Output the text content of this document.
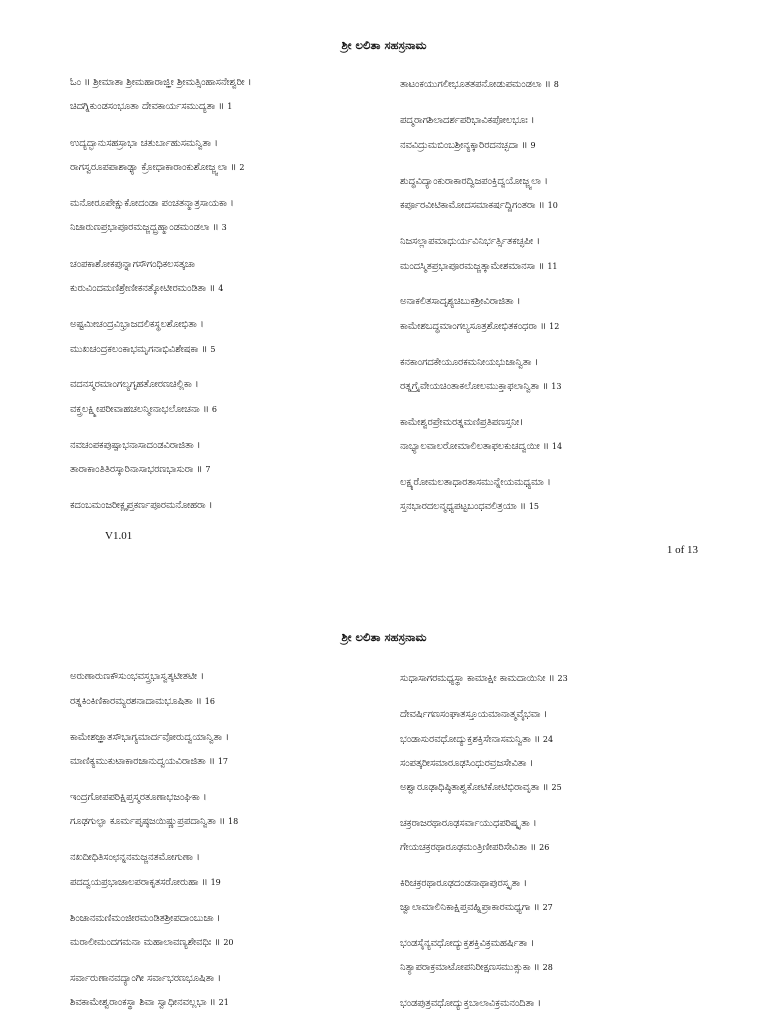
ಶ್ರೀ ಲಲಿತಾ ಸಹಸ್ರನಾಮ
ಓಂ ॥ ಶ್ರೀಮಾತಾ ಶ್ರೀಮಹಾರಾಜ್ಞೀ ಶ್ರೀಮತ್ಸಿಂಹಾಸನೇಶ್ವರೀ ।
ಚಿದಗ್ನಿಕುಂಡಸಂಭೂತಾ ದೇವಕಾರ್ಯಸಮುದ್ಯತಾ ॥ 1
ಉದ್ಯದ್ಭಾನುಸಹಸ್ರಾಭಾ ಚತುರ್ಬಾಹುಸಮನ್ವಿತಾ ।
ರಾಗಸ್ವರೂಪಪಾಶಾಢ್ಯಾ ಕ್ರೋಧಾಕಾರಾಂಕುಶೋಜ್ಜ್ವಲಾ ॥ 2
ಮನೋರೂಪೇಕ್ಷುಕೋದಂಡಾ ಪಂಚತನ್ಮಾತ್ರಸಾಯಕಾ ।
ನಿಜಾರುಣಪ್ರಭಾಪೂರಮಜ್ಜದ್ಬ್ರಹ್ಮಾಂಡಮಂಡಲಾ ॥ 3
ಚಂಪಕಾಶೋಕಪುನ್ನಾಗಸೌಗಂಧಿಕಲಸತ್ಕಚಾ
ಕುರುವಿಂದಮಣಿಶ್ರೇಣೀಕನತ್ಕೋಟೀರಮಂಡಿತಾ ॥ 4
ಅಷ್ಟಮೀಚಂದ್ರವಿಭ್ರಾಜದಲಿಕಸ್ಥಲಶೋಭಿತಾ ।
ಮುಖಚಂದ್ರಕಲಂಕಾಭಮೃಗನಾಭಿವಿಶೇಷಕಾ ॥ 5
ವದನಸ್ಮರಮಾಂಗಲ್ಯಗೃಹತೋರಣಚಿಲ್ಲಿಕಾ ।
ವಕ್ತ್ರಲಕ್ಷ್ಮೀಪರೀವಾಹಚಲನ್ಮೀನಾಭಲೋಚನಾ ॥ 6
ನವಚಂಪಕಪುಷ್ಪಾಭನಾಸಾದಂಡವಿರಾಜಿತಾ ।
ತಾರಾಕಾಂತಿತಿರಸ್ಕಾರಿನಾಸಾಭರಣಭಾಸುರಾ ॥ 7
ಕದಂಬಮಂಜರೀಕ್ಲೃಪ್ತಕರ್ಣಪೂರಮನೋಹರಾ ।
ತಾಟಂಕಯುಗಲೀಭೂತತಪನೋಡುಪಮಂಡಲಾ ॥ 8
ಪದ್ಮರಾಗಶಿಲಾದರ್ಶಪರಿಭಾವಿಕಪೋಲಭೂಃ ।
ನವವಿದ್ರುಮಬಿಂಬಶ್ರೀನ್ಯಕ್ಕಾರಿರದನಚ್ಛದಾ ॥ 9
ಶುದ್ಧವಿದ್ಯಾಂಕುರಾಕಾರದ್ವಿಜಪಂಕ್ತಿದ್ವಯೋಜ್ಜ್ವಲಾ ।
ಕರ್ಪೂರವೀಟಿಕಾಮೋದಸಮಾಕರ್ಷದ್ದಿಗಂತರಾ ॥ 10
ನಿಜಸಲ್ಲಾಪಮಾಧುರ್ಯವಿನಿರ್ಭರ್ತ್ಸಿತಕಚ್ಛಪೀ ।
ಮಂದಸ್ಮಿತಪ್ರಭಾಪೂರಮಜ್ಜತ್ಕಾಮೇಶಮಾನಸಾ ॥ 11
ಅನಾಕಲಿತಸಾದೃಶ್ಯಚಿಬುಕಶ್ರೀವಿರಾಜಿತಾ ।
ಕಾಮೇಶಬದ್ಧಮಾಂಗಲ್ಯಸೂತ್ರಶೋಭಿತಕಂಧರಾ ॥ 12
ಕನಕಾಂಗದಕೇಯೂರಕಮನೀಯಭುಜಾನ್ವಿತಾ ।
ರತ್ನಗ್ರೈವೇಯಚಿಂತಾಕಲೋಲಮುಕ್ತಾಫಲಾನ್ವಿತಾ ॥ 13
ಕಾಮೇಶ್ವರಪ್ರೇಮರತ್ನಮಣಿಪ್ರತಿಪಣಸ್ತನೀ।
ನಾಭ್ಯಾಲವಾಲರೋಮಾಲಿಲತಾಫಲಕುಚದ್ವಯೀ ॥ 14
ಲಕ್ಷ್ಯರೋಮಲತಾಧಾರತಾಸಮುನ್ನೇಯಮಧ್ಯಮಾ ।
ಸ್ತನಭಾರದಲನ್ಮಧ್ಯಪಟ್ಟಬಂಧವಲಿತ್ರಯಾ ॥ 15
V1.01
1 of 13
ಶ್ರೀ ಲಲಿತಾ ಸಹಸ್ರನಾಮ
ಅರುಣಾರುಣಕೌಸುಂಭವಸ್ತ್ರಭಾಸ್ವತ್ಕಟೀತಟೀ ।
ರತ್ನಕಿಂಕಿಣಿಕಾರಮ್ಯರಶನಾದಾಮಭೂಷಿತಾ ॥ 16
ಕಾಮೇಶಜ್ಞಾತಸೌಭಾಗ್ಯಮಾರ್ದವೋರುದ್ವಯಾನ್ವಿತಾ ।
ಮಾಣಿಕ್ಯಮುಕುಟಾಕಾರಜಾನುದ್ವಯವಿರಾಜಿತಾ ॥ 17
ಇಂದ್ರಗೋಪಪರಿಕ್ಷಿಪ್ತಸ್ಮರತೂಣಾಭಜಂಘಿಕಾ ।
ಗೂಢಗುಲ್ಫಾ ಕೂರ್ಮಪೃಷ್ಠಜಯಿಷ್ಣುಪ್ರಪದಾನ್ವಿತಾ ॥ 18
ನಖದೀಧಿತಿಸಂಛನ್ನನಮಜ್ಜನತಮೋಗುಣಾ ।
ಪದದ್ವಯಪ್ರಭಾಜಾಲಪರಾಕೃತಸರೋರುಹಾ ॥ 19
ಶಿಂಜಾನಮಣಿಮಂಜೀರಮಂಡಿತಶ್ರೀಪದಾಂಬುಜಾ ।
ಮರಾಲೀಮಂದಗಮನಾ ಮಹಾಲಾವಣ್ಯಶೇವಧಿಃ ॥ 20
ಸರ್ವಾರುಣಾನವದ್ಯಾಂಗೀ ಸರ್ವಾಭರಣಭೂಷಿತಾ ।
ಶಿವಕಾಮೇಶ್ವರಾಂಕಸ್ಥಾ ಶಿವಾ ಸ್ವಾಧೀನವಲ್ಲಭಾ ॥ 21
ಸುಧಾಸಾಗರಮಧ್ಯಸ್ಥಾ ಕಾಮಾಕ್ಷೀ ಕಾಮದಾಯಿನೀ ॥ 23
ದೇವರ್ಷಿಗಣಸಂಘಾತಸ್ತೂಯಮಾನಾತ್ಮವೈಭವಾ ।
ಭಂಡಾಸುರವಧೋದ್ಯುಕ್ತಶಕ್ತಿಸೇನಾಸಮನ್ವಿತಾ ॥ 24
ಸಂಪತ್ಕರೀಸಮಾರೂಢಸಿಂಧುರವ್ರಜಸೇವಿತಾ ।
ಅಶ್ವಾರೂಢಾಧಿಷ್ಠಿತಾಶ್ವಕೋಟಿಕೋಟಿಭಿರಾವೃತಾ ॥ 25
ಚಕ್ರರಾಜರಥಾರೂಢಸರ್ವಾಯುಧಪರಿಷ್ಕೃತಾ ।
ಗೇಯಚಕ್ರರಥಾರೂಢಮಂತ್ರಿಣೀಪರಿಸೇವಿತಾ ॥ 26
ಕಿರಿಚಕ್ರರಥಾರೂಢದಂಡನಾಥಾಪುರಸ್ಕೃತಾ ।
ಜ್ವಾಲಾಮಾಲಿನಿಕಾಕ್ಷಿಪ್ತವಹ್ನಿಪ್ರಾಕಾರಮಧ್ಯಗಾ ॥ 27
ಭಂಡಸೈನ್ಯವಧೋದ್ಯುಕ್ತಶಕ್ತಿವಿಕ್ರಮಹರ್ಷಿತಾ ।
ನಿತ್ಯಾಪರಾಕ್ರಮಾಟೋಪನಿರೀಕ್ಷಣಸಮುತ್ಸುಕಾ ॥ 28
ಭಂಡಪುತ್ರವಧೋದ್ಯುಕ್ತಬಾಲಾವಿಕ್ರಮನಂದಿತಾ ।
